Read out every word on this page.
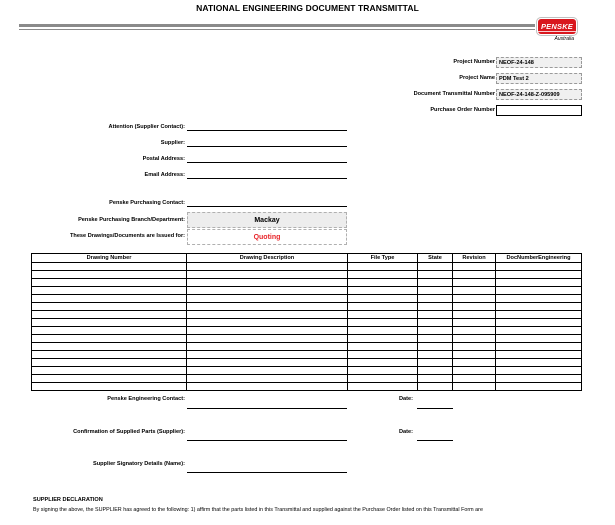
NATIONAL ENGINEERING DOCUMENT TRANSMITTAL
PENSKE
Australia
Project Number NEOF-24-148
Project Name PDM Test 2
Document Transmittal Number NEOF-24-148-Z-095909
Purchase Order Number
Attention (Supplier Contact):
Supplier:
Postal Address:
Email Address:
Penske Purchasing Contact:
Penske Purchasing Branch/Department:	Mackay
These Drawings/Documents are Issued for:	Quoting
Drawing Number	Drawing Description	File Type	State	Revision	DocNumberEngineering

Penske Engineering Contact:	Date:
Confirmation of Supplied Parts (Supplier):	Date:
Supplier Signatory Details (Name):
SUPPLIER DECLARATION
By signing the above, the SUPPLIER has agreed to the following: 1) affirm that the parts listed in this Transmittal and supplied against the Purchase Order listed on this Transmittal Form are
